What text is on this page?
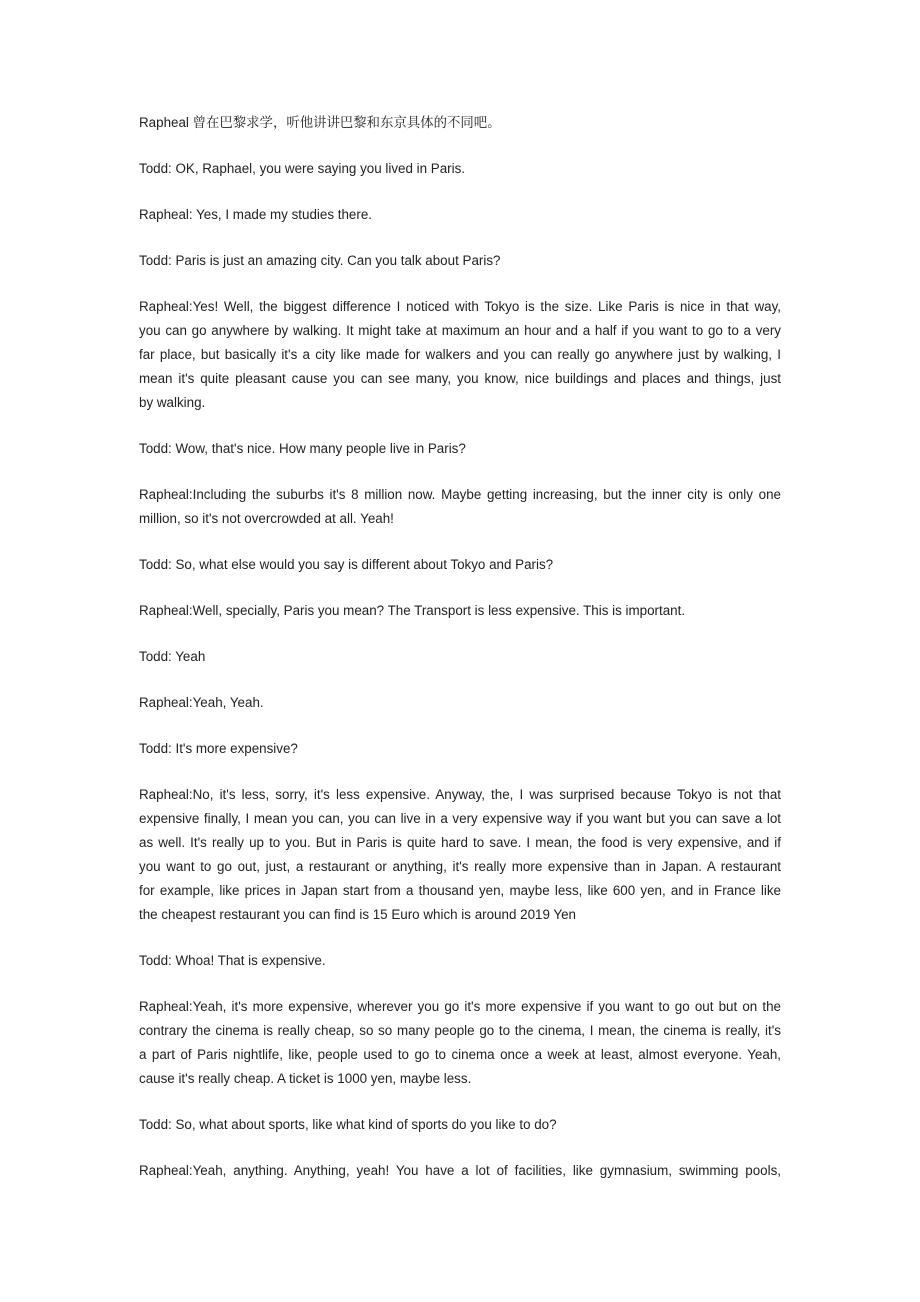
Rapheal 曾在巴黎求学，听他讲讲巴黎和东京具体的不同吧。

Todd: OK, Raphael, you were saying you lived in Paris.

Rapheal: Yes, I made my studies there.

Todd: Paris is just an amazing city. Can you talk about Paris?

Rapheal:Yes! Well, the biggest difference I noticed with Tokyo is the size. Like Paris is nice in that way,
you can go anywhere by walking. It might take at maximum an hour and a half if you want to go to a very
far place, but basically it's a city like made for walkers and you can really go anywhere just by walking, I
mean it's quite pleasant cause you can see many, you know, nice buildings and places and things, just
by walking.

Todd: Wow, that's nice. How many people live in Paris?

Rapheal:Including the suburbs it's 8 million now. Maybe getting increasing, but the inner city is only one
million, so it's not overcrowded at all. Yeah!

Todd: So, what else would you say is different about Tokyo and Paris?

Rapheal:Well, specially, Paris you mean? The Transport is less expensive. This is important.

Todd: Yeah

Rapheal:Yeah, Yeah.

Todd: It's more expensive?

Rapheal:No, it's less, sorry, it's less expensive. Anyway, the, I was surprised because Tokyo is not that
expensive finally, I mean you can, you can live in a very expensive way if you want but you can save a lot
as well. It's really up to you. But in Paris is quite hard to save. I mean, the food is very expensive, and if
you want to go out, just, a restaurant or anything, it's really more expensive than in Japan. A restaurant
for example, like prices in Japan start from a thousand yen, maybe less, like 600 yen, and in France like
the cheapest restaurant you can find is 15 Euro which is around 2019 Yen

Todd: Whoa! That is expensive.

Rapheal:Yeah, it's more expensive, wherever you go it's more expensive if you want to go out but on the
contrary the cinema is really cheap, so so many people go to the cinema, I mean, the cinema is really, it's
a part of Paris nightlife, like, people used to go to cinema once a week at least, almost everyone. Yeah,
cause it's really cheap. A ticket is 1000 yen, maybe less.

Todd: So, what about sports, like what kind of sports do you like to do?

Rapheal:Yeah, anything. Anything, yeah! You have a lot of facilities, like gymnasium, swimming pools,
